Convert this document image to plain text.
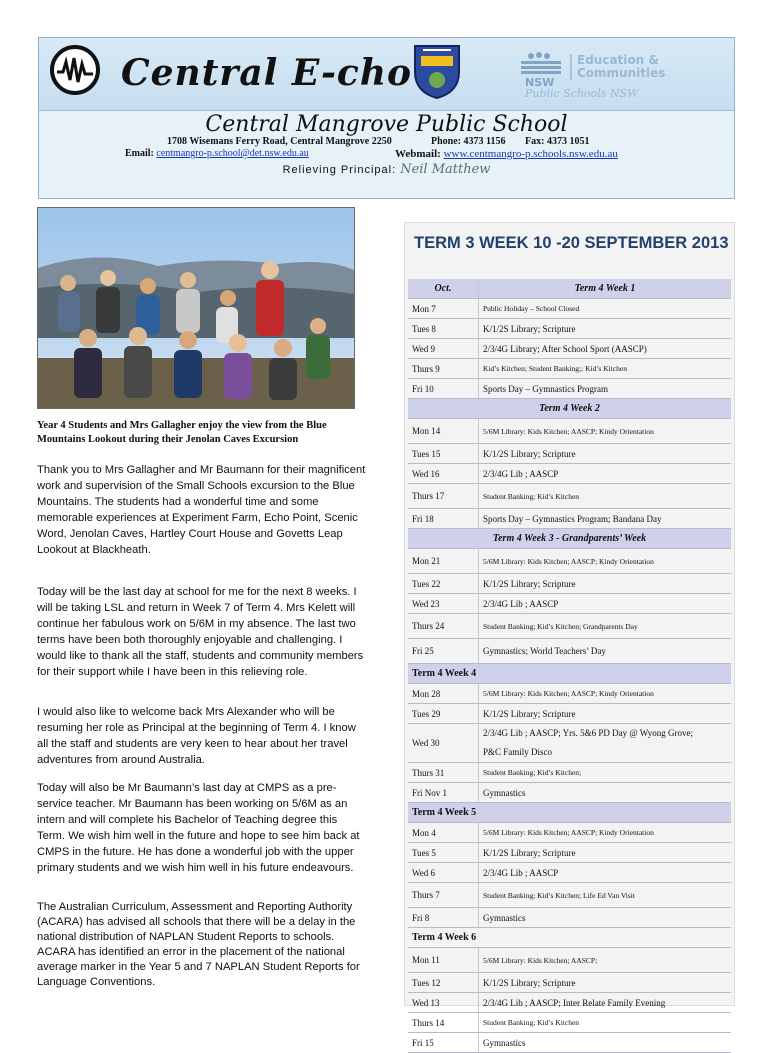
Central E-cho	NSW
Education &
Communities
Public Schools NSW
Central Mangrove Public School
1708 Wisemans Ferry Road, Central Mangrove 2250	Phone: 4373 1156 Fax: 4373 1051
Email: centmangro-p.school@det.nsw.edu.au	Webmail: www.centmangro-p.schools.nsw.edu.au
Relieving Principal: Neil Matthew
Year 4 Students and Mrs Gallagher enjoy the view from the Blue Mountains Lookout during their Jenolan Caves Excursion

Thank you to Mrs Gallagher and Mr Baumann for their magnificent work and supervision of the Small Schools excursion to the Blue Mountains. The students had a wonderful time and some memorable experiences at Experiment Farm, Echo Point, Scenic Word, Jenolan Caves, Hartley Court House and Govetts Leap Lookout at Blackheath.

Today will be the last day at school for me for the next 8 weeks. I will be taking LSL and return in Week 7 of Term 4. Mrs Kelett will continue her fabulous work on 5/6M in my absence. The last two terms have been both thoroughly enjoyable and challenging. I would like to thank all the staff, students and community members for their support while I have been in this relieving role.

I would also like to welcome back Mrs Alexander who will be resuming her role as Principal at the beginning of Term 4. I know all the staff and students are very keen to hear about her travel adventures from around Australia.

Today will also be Mr Baumann’s last day at CMPS as a pre-service teacher. Mr Baumann has been working on 5/6M as an intern and will complete his Bachelor of Teaching degree this Term. We wish him well in the future and hope to see him back at CMPS in the future. He has done a wonderful job with the upper primary students and we wish him well in his future endeavours.

The Australian Curriculum, Assessment and Reporting Authority (ACARA) has advised all schools that there will be a delay in the national distribution of NAPLAN Student Reports to schools. ACARA has identified an error in the placement of the national average marker in the Year 5 and 7 NAPLAN Student Reports for Language Conventions.

TERM 3 WEEK 10 -20 SEPTEMBER 2013
Oct.	Term 4 Week 1
Mon 7	Public Holiday – School Closed
Tues 8	K/1/2S Library; Scripture
Wed 9	2/3/4G Library; After School Sport (AASCP)
Thurs 9	Kid’s Kitchen; Student Banking;; Kid’s Kitchen
Fri 10	Sports Day – Gymnastics Program
Term 4 Week 2	
Mon 14	5/6M Library: Kids Kitchen; AASCP; Kindy Orientation
Tues 15	K/1/2S Library; Scripture
Wed 16	2/3/4G Lib ; AASCP
Thurs 17	Student Banking; Kid’s Kitchen
Fri 18	Sports Day – Gymnastics Program; Bandana Day
Term 4 Week 3 - Grandparents’ Week	
Mon 21	5/6M Library: Kids Kitchen; AASCP; Kindy Orientation
Tues 22	K/1/2S Library; Scripture
Wed 23	2/3/4G Lib ; AASCP
Thurs 24	Student Banking; Kid’s Kitchen; Grandparents Day
Fri 25	Gymnastics; World Teachers’ Day
Term 4 Week 4	
Mon 28	5/6M Library: Kids Kitchen; AASCP; Kindy Orientation
Tues 29	K/1/2S Library; Scripture
Wed 30	2/3/4G Lib ; AASCP; Yrs. 5&6 PD Day @ Wyong Grove;
P&C Family Disco

Thurs 31	Student Banking; Kid’s Kitchen;
Fri Nov 1	Gymnastics
Term 4 Week 5	
Mon 4	5/6M Library: Kids Kitchen; AASCP; Kindy Orientation
Tues 5	K/1/2S Library; Scripture
Wed 6	2/3/4G Lib ; AASCP
Thurs 7	Student Banking; Kid’s Kitchen; Life Ed Van Visit
Fri 8	Gymnastics
Term 4 Week 6	
Mon 11	5/6M Library: Kids Kitchen; AASCP;
Tues 12	K/1/2S Library; Scripture
Wed 13	2/3/4G Lib ; AASCP; Inter Relate Family Evening
Thurs 14	Student Banking; Kid’s Kitchen
Fri 15	Gymnastics
